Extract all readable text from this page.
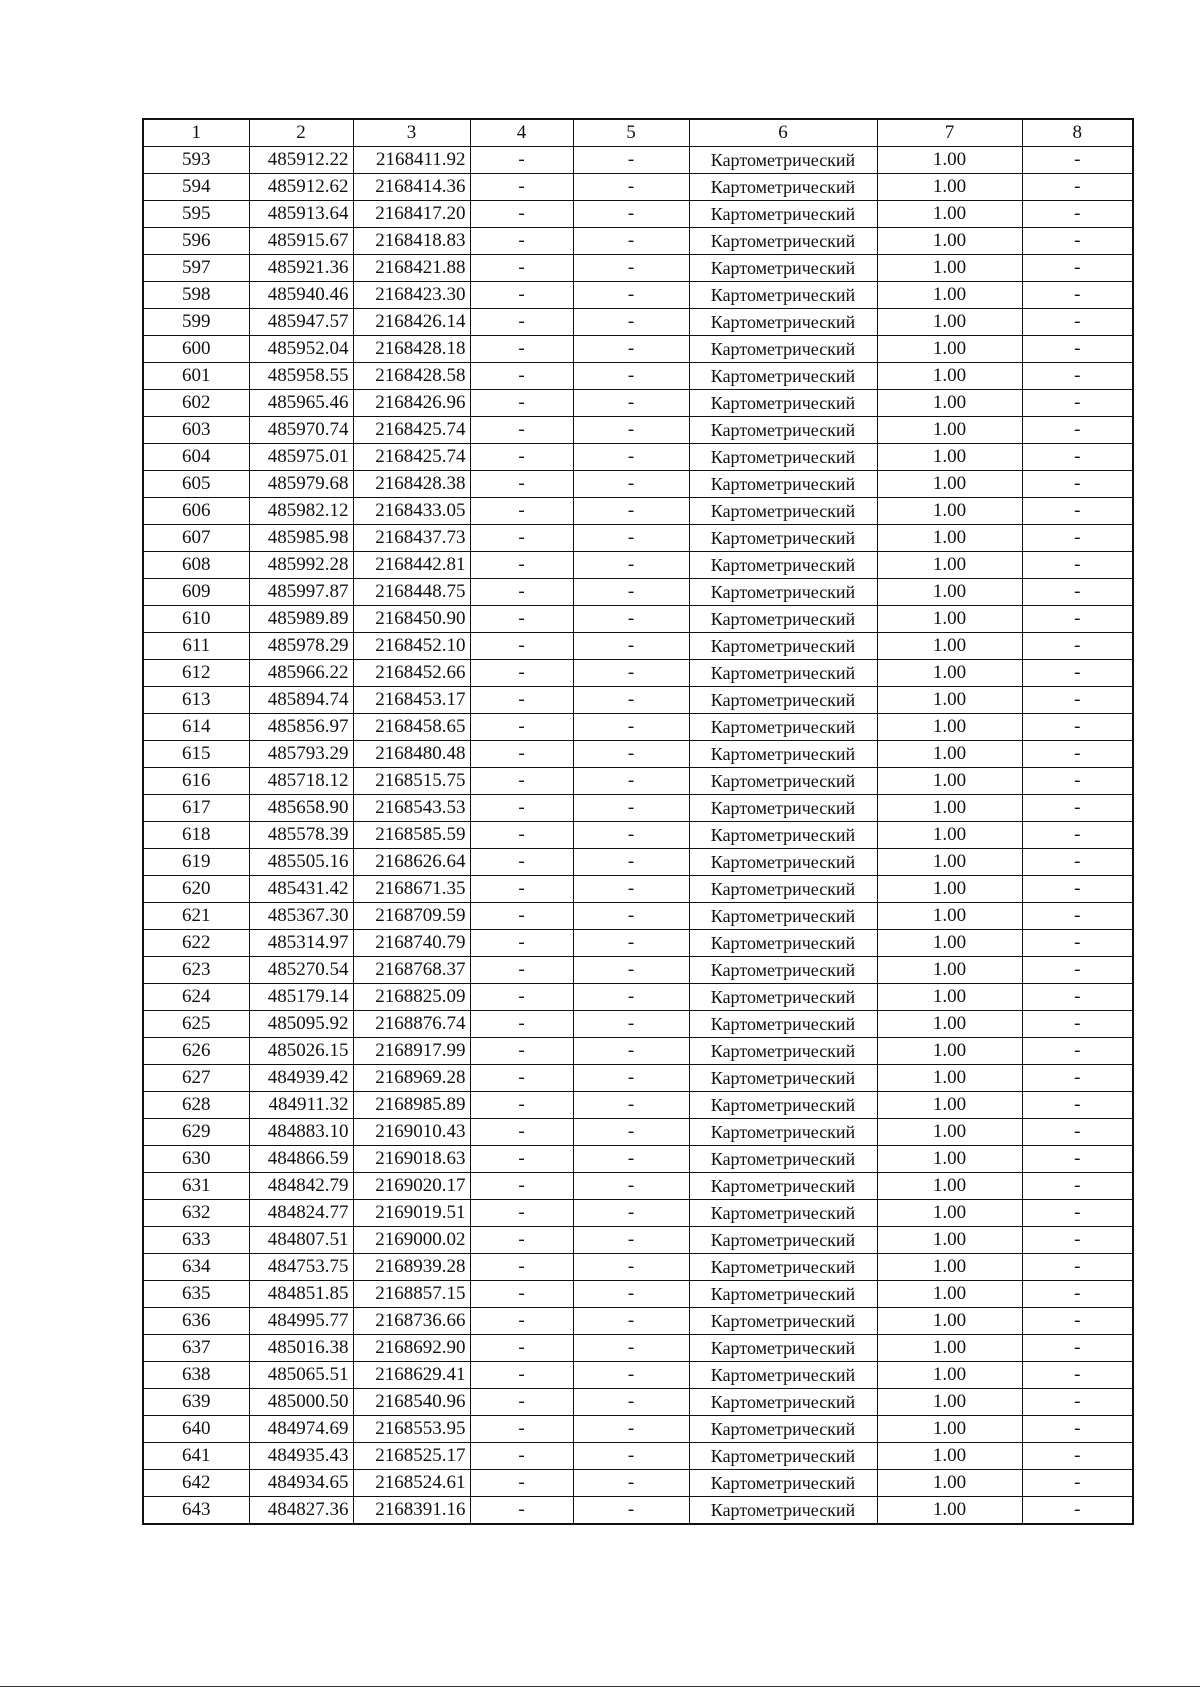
1	2	3	4	5	6	7	8
593	485912.22	2168411.92	-	-	Картометрический	1.00	-
594	485912.62	2168414.36	-	-	Картометрический	1.00	-
595	485913.64	2168417.20	-	-	Картометрический	1.00	-
596	485915.67	2168418.83	-	-	Картометрический	1.00	-
597	485921.36	2168421.88	-	-	Картометрический	1.00	-
598	485940.46	2168423.30	-	-	Картометрический	1.00	-
599	485947.57	2168426.14	-	-	Картометрический	1.00	-
600	485952.04	2168428.18	-	-	Картометрический	1.00	-
601	485958.55	2168428.58	-	-	Картометрический	1.00	-
602	485965.46	2168426.96	-	-	Картометрический	1.00	-
603	485970.74	2168425.74	-	-	Картометрический	1.00	-
604	485975.01	2168425.74	-	-	Картометрический	1.00	-
605	485979.68	2168428.38	-	-	Картометрический	1.00	-
606	485982.12	2168433.05	-	-	Картометрический	1.00	-
607	485985.98	2168437.73	-	-	Картометрический	1.00	-
608	485992.28	2168442.81	-	-	Картометрический	1.00	-
609	485997.87	2168448.75	-	-	Картометрический	1.00	-
610	485989.89	2168450.90	-	-	Картометрический	1.00	-
611	485978.29	2168452.10	-	-	Картометрический	1.00	-
612	485966.22	2168452.66	-	-	Картометрический	1.00	-
613	485894.74	2168453.17	-	-	Картометрический	1.00	-
614	485856.97	2168458.65	-	-	Картометрический	1.00	-
615	485793.29	2168480.48	-	-	Картометрический	1.00	-
616	485718.12	2168515.75	-	-	Картометрический	1.00	-
617	485658.90	2168543.53	-	-	Картометрический	1.00	-
618	485578.39	2168585.59	-	-	Картометрический	1.00	-
619	485505.16	2168626.64	-	-	Картометрический	1.00	-
620	485431.42	2168671.35	-	-	Картометрический	1.00	-
621	485367.30	2168709.59	-	-	Картометрический	1.00	-
622	485314.97	2168740.79	-	-	Картометрический	1.00	-
623	485270.54	2168768.37	-	-	Картометрический	1.00	-
624	485179.14	2168825.09	-	-	Картометрический	1.00	-
625	485095.92	2168876.74	-	-	Картометрический	1.00	-
626	485026.15	2168917.99	-	-	Картометрический	1.00	-
627	484939.42	2168969.28	-	-	Картометрический	1.00	-
628	484911.32	2168985.89	-	-	Картометрический	1.00	-
629	484883.10	2169010.43	-	-	Картометрический	1.00	-
630	484866.59	2169018.63	-	-	Картометрический	1.00	-
631	484842.79	2169020.17	-	-	Картометрический	1.00	-
632	484824.77	2169019.51	-	-	Картометрический	1.00	-
633	484807.51	2169000.02	-	-	Картометрический	1.00	-
634	484753.75	2168939.28	-	-	Картометрический	1.00	-
635	484851.85	2168857.15	-	-	Картометрический	1.00	-
636	484995.77	2168736.66	-	-	Картометрический	1.00	-
637	485016.38	2168692.90	-	-	Картометрический	1.00	-
638	485065.51	2168629.41	-	-	Картометрический	1.00	-
639	485000.50	2168540.96	-	-	Картометрический	1.00	-
640	484974.69	2168553.95	-	-	Картометрический	1.00	-
641	484935.43	2168525.17	-	-	Картометрический	1.00	-
642	484934.65	2168524.61	-	-	Картометрический	1.00	-
643	484827.36	2168391.16	-	-	Картометрический	1.00	-
